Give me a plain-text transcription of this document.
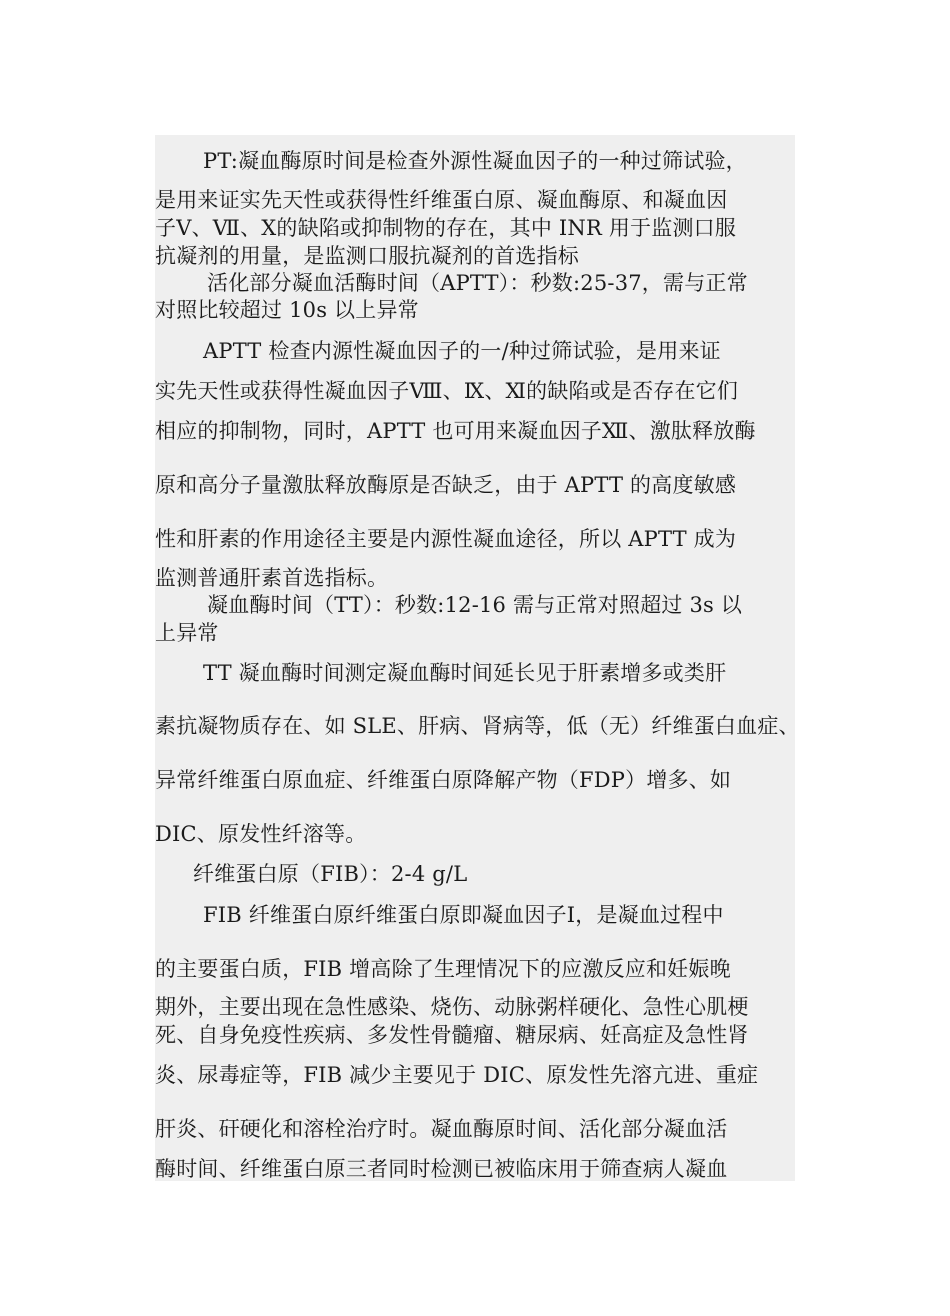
PT:凝血酶原时间是检查外源性凝血因子的一种过筛试验，
是用来证实先天性或获得性纤维蛋白原、凝血酶原、和凝血因
子Ⅴ、Ⅶ、Ⅹ的缺陷或抑制物的存在，其中 INR 用于监测口服
抗凝剂的用量，是监测口服抗凝剂的首选指标
活化部分凝血活酶时间（APTT）：秒数:25-37，需与正常
对照比较超过 10s 以上异常
APTT 检查内源性凝血因子的一/种过筛试验，是用来证
实先天性或获得性凝血因子Ⅷ、Ⅸ、Ⅺ的缺陷或是否存在它们
相应的抑制物，同时，APTT 也可用来凝血因子Ⅻ、激肽释放酶
原和高分子量激肽释放酶原是否缺乏，由于 APTT 的高度敏感
性和肝素的作用途径主要是内源性凝血途径，所以 APTT 成为
监测普通肝素首选指标。
凝血酶时间（TT）：秒数:12-16 需与正常对照超过 3s 以
上异常
TT 凝血酶时间测定凝血酶时间延长见于肝素增多或类肝
素抗凝物质存在、如 SLE、肝病、肾病等，低（无）纤维蛋白血症、
异常纤维蛋白原血症、纤维蛋白原降解产物（FDP）增多、如
DIC、原发性纤溶等。
纤维蛋白原（FIB）：2-4 g/L
FIB 纤维蛋白原纤维蛋白原即凝血因子Ⅰ，是凝血过程中
的主要蛋白质，FIB 增高除了生理情况下的应激反应和妊娠晚
期外，主要出现在急性感染、烧伤、动脉粥样硬化、急性心肌梗
死、自身免疫性疾病、多发性骨髓瘤、糖尿病、妊高症及急性肾
炎、尿毒症等，FIB 减少主要见于 DIC、原发性先溶亢进、重症
肝炎、矸硬化和溶栓治疗时。凝血酶原时间、活化部分凝血活
酶时间、纤维蛋白原三者同时检测已被临床用于筛查病人凝血
